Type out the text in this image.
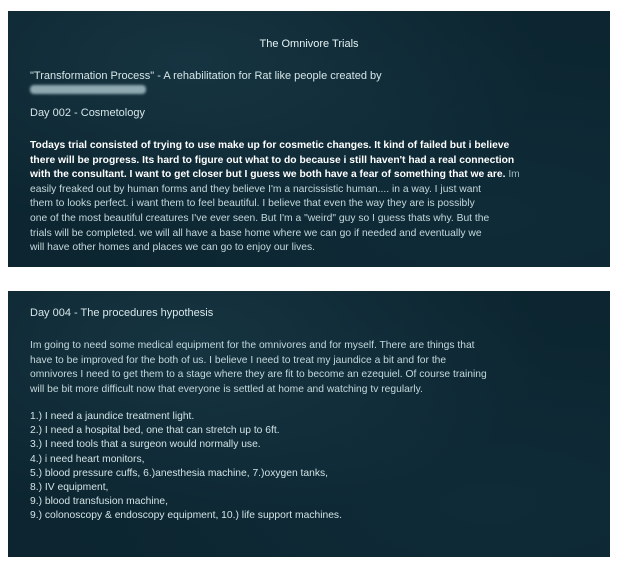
The Omnivore Trials
"Transformation Process" - A rehabilitation for Rat like people created by
Day 002 - Cosmetology
Todays trial consisted of trying to use make up for cosmetic changes. It kind of failed but i believe
there will be progress. Its hard to figure out what to do because i still haven't had a real connection
with the consultant. I want to get closer but I guess we both have a fear of something that we are. Im
easily freaked out by human forms and they believe I'm a narcissistic human.... in a way. I just want
them to looks perfect. i want them to feel beautiful. I believe that even the way they are is possibly
one of the most beautiful creatures I've ever seen. But I'm a "weird" guy so I guess thats why. But the
trials will be completed. we will all have a base home where we can go if needed and eventually we
will have other homes and places we can go to enjoy our lives.
Day 004 - The procedures hypothesis
Im going to need some medical equipment for the omnivores and for myself. There are things that
have to be improved for the both of us. I believe I need to treat my jaundice a bit and for the
omnivores I need to get them to a stage where they are fit to become an ezequiel. Of course training
will be bit more difficult now that everyone is settled at home and watching tv regularly.
1.) I need a jaundice treatment light.
2.) I need a hospital bed, one that can stretch up to 6ft.
3.) I need tools that a surgeon would normally use.
4.) i need heart monitors,
5.) blood pressure cuffs, 6.)anesthesia machine, 7.)oxygen tanks,
8.) IV equipment,
9.) blood transfusion machine,
9.) colonoscopy & endoscopy equipment, 10.) life support machines.
